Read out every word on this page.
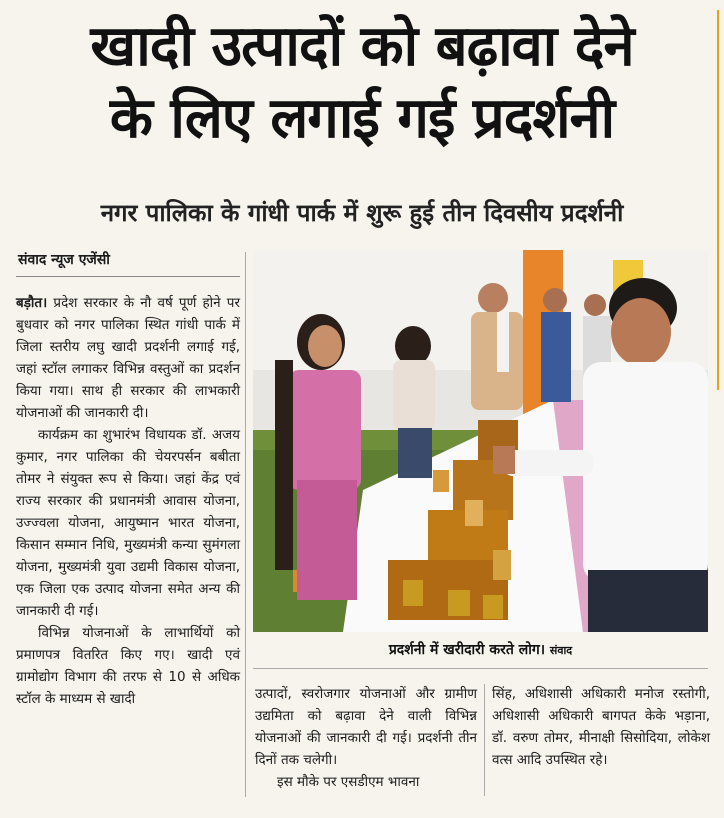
खादी उत्पादों को बढ़ावा देने
के लिए लगाई गई प्रदर्शनी
नगर पालिका के गांधी पार्क में शुरू हुई तीन दिवसीय प्रदर्शनी
संवाद न्यूज एजेंसी

बड़ौत। प्रदेश सरकार के नौ वर्ष पूर्ण होने पर बुधवार को नगर पालिका स्थित गांधी पार्क में जिला स्तरीय लघु खादी प्रदर्शनी लगाई गई, जहां स्टॉल लगाकर विभिन्न वस्तुओं का प्रदर्शन किया गया। साथ ही सरकार की लाभकारी योजनाओं की जानकारी दी।

कार्यक्रम का शुभारंभ विधायक डॉ. अजय कुमार, नगर पालिका की चेयरपर्सन बबीता तोमर ने संयुक्त रूप से किया। जहां केंद्र एवं राज्य सरकार की प्रधानमंत्री आवास योजना, उज्ज्वला योजना, आयुष्मान भारत योजना, किसान सम्मान निधि, मुख्यमंत्री कन्या सुमंगला योजना, मुख्यमंत्री युवा उद्यमी विकास योजना, एक जिला एक उत्पाद योजना समेत अन्य की जानकारी दी गई।

विभिन्न योजनाओं के लाभार्थियों को प्रमाणपत्र वितरित किए गए। खादी एवं ग्रामोद्योग विभाग की तरफ से 10 से अधिक स्टॉल के माध्यम से खादी

प्रदर्शनी में खरीदारी करते लोग। संवाद

उत्पादों, स्वरोजगार योजनाओं और ग्रामीण उद्यमिता को बढ़ावा देने वाली विभिन्न योजनाओं की जानकारी दी गई। प्रदर्शनी तीन दिनों तक चलेगी।

इस मौके पर एसडीएम भावना

सिंह, अधिशासी अधिकारी मनोज रस्तोगी, अधिशासी अधिकारी बागपत केके भड़ाना, डॉ. वरुण तोमर, मीनाक्षी सिसोदिया, लोकेश वत्स आदि उपस्थित रहे।
